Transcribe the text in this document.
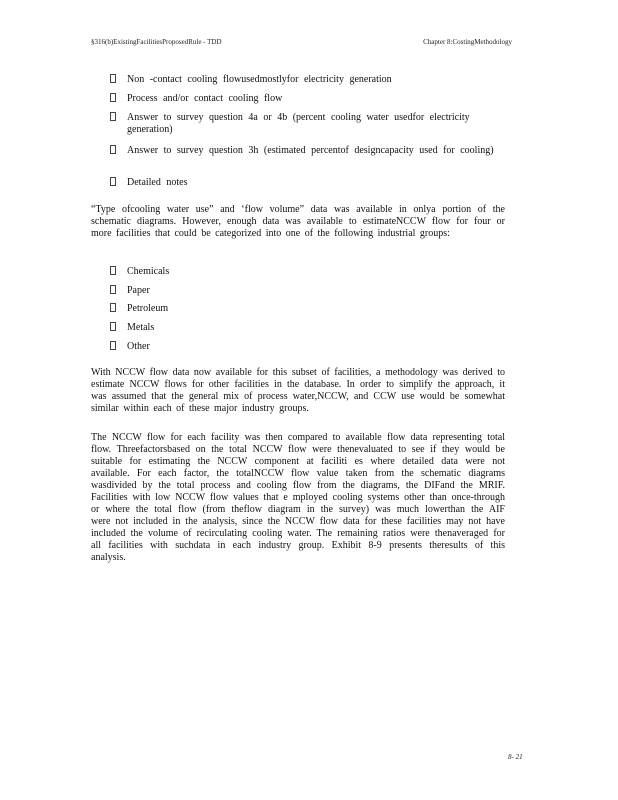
§316(b)ExistingFacilitiesProposedRule - TDD	Chapter 8:CostingMethodology
Non -contact cooling flowusedmostlyfor electricity generation
Process and/or contact cooling flow
Answer to survey question 4a or 4b (percent cooling water usedfor electricity generation)
Answer to survey question 3h (estimated percentof designcapacity used for cooling)
Detailed notes

“Type ofcooling water use” and ‘flow volume” data was available in onlya portion of the schematic diagrams. However, enough data was available to estimateNCCW flow for four or more facilities that could be categorized into one of the following industrial groups:

Chemicals
Paper
Petroleum
Metals
Other

With NCCW flow data now available for this subset of facilities, a methodology was derived to estimate NCCW flows for other facilities in the database. In order to simplify the approach, it was assumed that the general mix of process water,NCCW, and CCW use would be somewhat similar within each of these major industry groups.

The NCCW flow for each facility was then compared to available flow data representing total flow. Threefactorsbased on the total NCCW flow were thenevaluated to see if they would be suitable for estimating the NCCW component at faciliti es where detailed data were not available. For each factor, the totalNCCW flow value taken from the schematic diagrams wasdivided by the total process and cooling flow from the diagrams, the DIFand the MRIF. Facilities with low NCCW flow values that e mployed cooling systems other than once-through or where the total flow (from theflow diagram in the survey) was much lowerthan the AIF were not included in the analysis, since the NCCW flow data for these facilities may not have included the volume of recirculating cooling water. The remaining ratios were thenaveraged for all facilities with suchdata in each industry group. Exhibit 8-9 presents theresults of this analysis.

8- 21
